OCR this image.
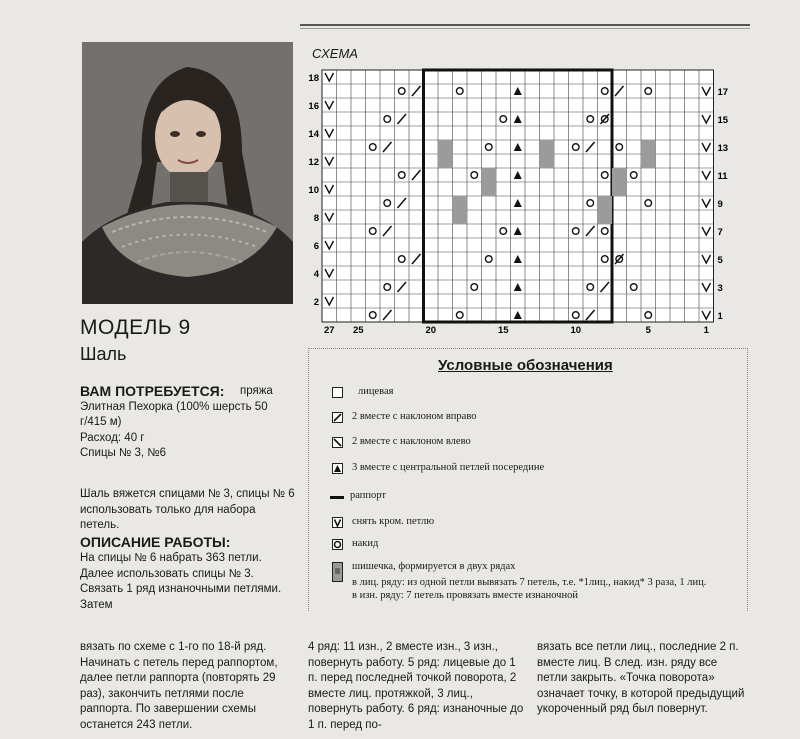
МОДЕЛЬ 9
Шаль
ВАМ ПОТРЕБУЕТСЯ:	пряжа Элитная Пехорка (100% шерсть 50 г/415 м)
Расход: 40 г
Спицы № 3, №6
Шаль вяжется спицами № 3, спицы № 6 использовать только для набора петель.
ОПИСАНИЕ РАБОТЫ:
На спицы № 6 набрать 363 петли. Далее использовать спицы № 3. Связать 1 ряд изнаночными петлями. Затем
вязать по схеме с 1-го по 18-й ряд. Начинать с петель перед раппортом, далее петли раппорта (повторять 29 раз), закончить петлями после раппорта. По завершении схемы останется 243 петли.
4 ряд: 11 изн., 2 вместе изн., 3 изн., повернуть работу. 5 ряд: лицевые до 1 п. перед последней точкой поворота, 2 вместе лиц. протяжкой, 3 лиц., повернуть работу. 6 ряд: изнаночные до 1 п. перед по-
вязать все петли лиц., последние 2 п. вместе лиц. В след. изн. ряду все петли закрыть. «Точка поворота» означает точку, в которой предыдущий укороченный ряд был повернут.
СХЕМА
18
16
14
12
10
8
6
4
2
17
15
13
11
9
7
5
3
1
27 25	20	15	10	5	1
Условные обозначения
лицевая
2 вместе с наклоном вправо
2 вместе с наклоном влево
3 вместе с центральной петлей посередине
раппорт
снять кром. петлю
накид
шишечка, формируется в двух рядах
в лиц. ряду: из одной петли вывязать 7 петель, т.е. *1лиц., накид* 3 раза, 1 лиц.
в изн. ряду: 7 петель провязать вместе изнаночной
